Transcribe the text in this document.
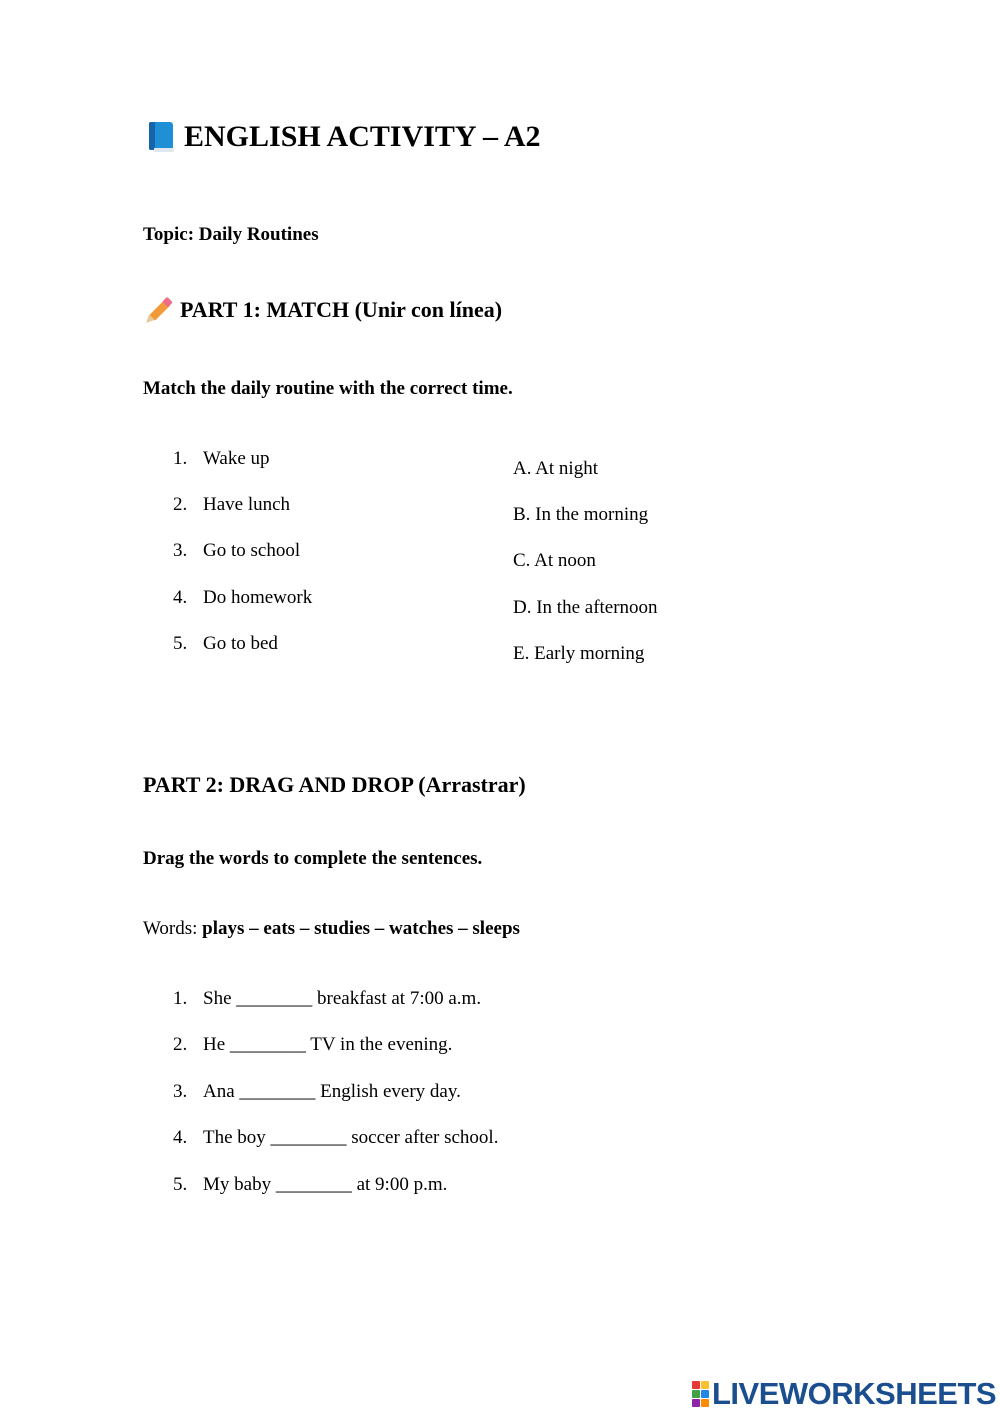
ENGLISH ACTIVITY – A2
Topic: Daily Routines
PART 1: MATCH (Unir con línea)
Match the daily routine with the correct time.
1. Wake up
2. Have lunch
3. Go to school
4. Do homework
5. Go to bed
A. At night
B. In the morning
C. At noon
D. In the afternoon
E. Early morning
PART 2: DRAG AND DROP (Arrastrar)
Drag the words to complete the sentences.
Words: plays – eats – studies – watches – sleeps
1. She ________ breakfast at 7:00 a.m.
2. He ________ TV in the evening.
3. Ana ________ English every day.
4. The boy ________ soccer after school.
5. My baby ________ at 9:00 p.m.
LIVEWORKSHEETS
